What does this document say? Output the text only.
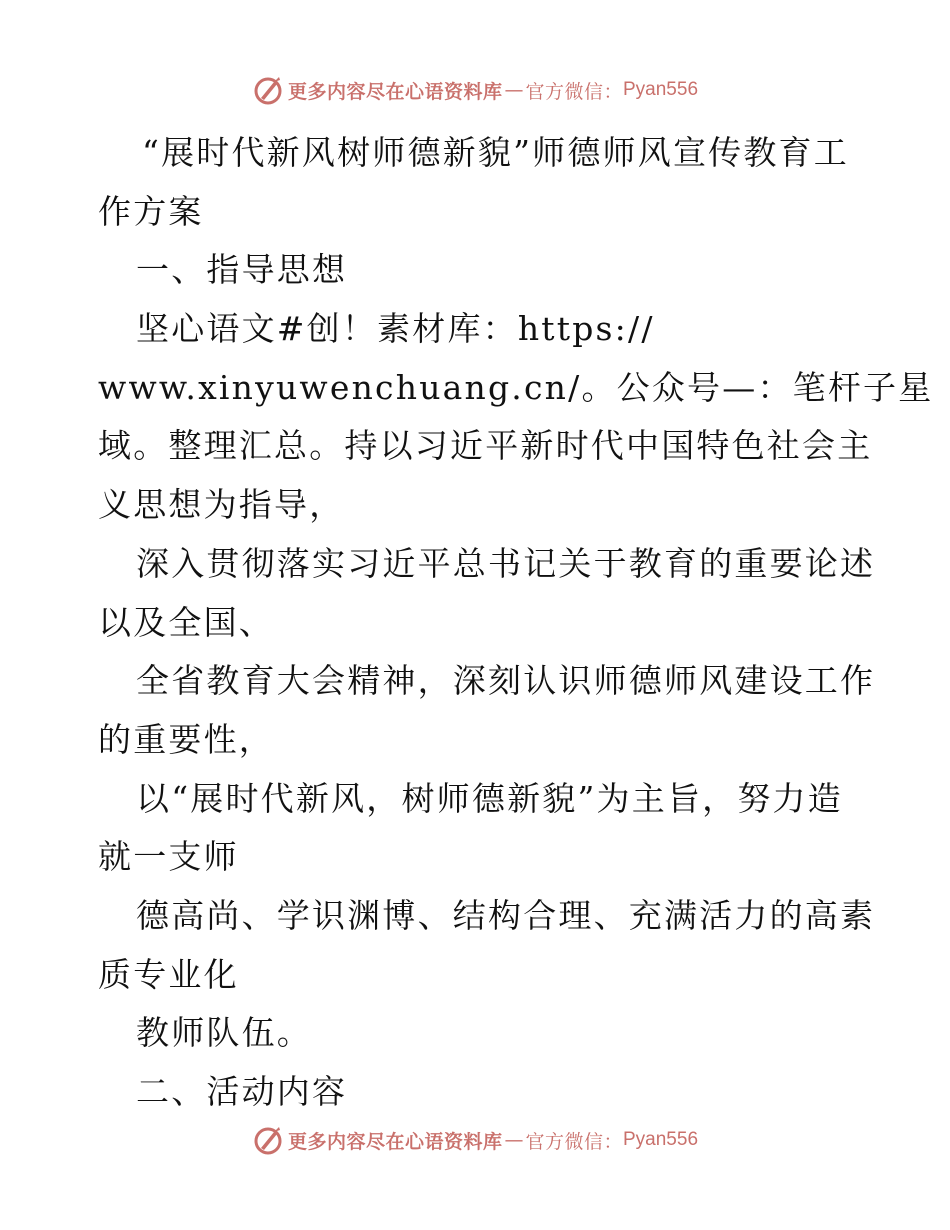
更多内容尽在心语资料库 — 官方微信： Pyan556
“展时代新风树师德新貌”师德师风宣传教育工
作方案
一、指导思想
坚心语文#创！素材库：https://
www.xinyuwenchuang.cn/。公众号—：笔杆子星
域。整理汇总。持以习近平新时代中国特色社会主
义思想为指导，
深入贯彻落实习近平总书记关于教育的重要论述
以及全国、
全省教育大会精神，深刻认识师德师风建设工作
的重要性，
以“展时代新风，树师德新貌”为主旨，努力造
就一支师
德高尚、学识渊博、结构合理、充满活力的高素
质专业化
教师队伍。
二、活动内容
更多内容尽在心语资料库 — 官方微信： Pyan556
